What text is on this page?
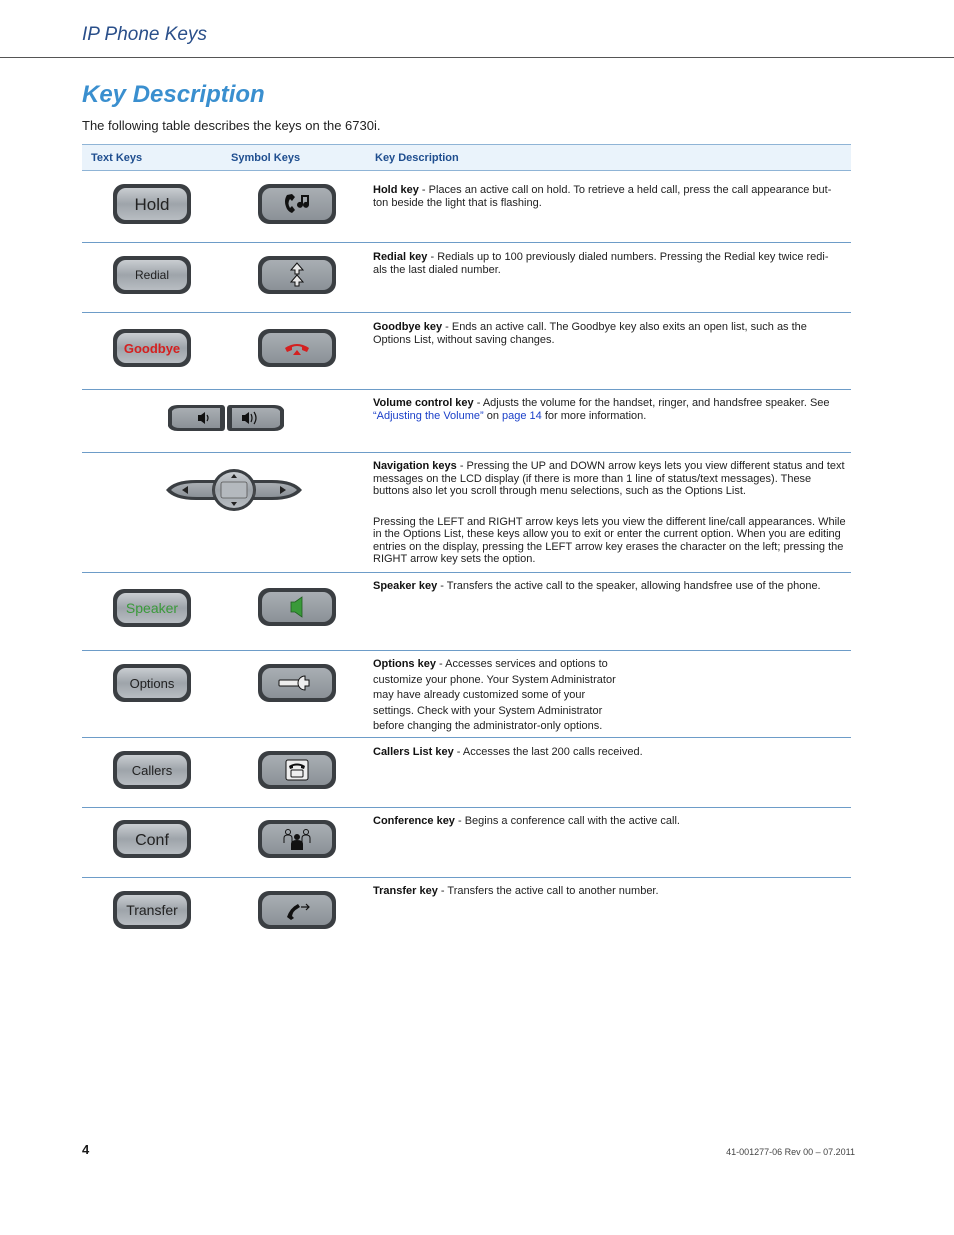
IP Phone Keys
Key Description
The following table describes the keys on the 6730i.
Text Keys	Symbol Keys	Key Description
Hold
Hold key - Places an active call on hold. To retrieve a held call, press the call appearance but-
ton beside the light that is flashing.
Redial
Redial key - Redials up to 100 previously dialed numbers. Pressing the Redial key twice redi-
als the last dialed number.
Goodbye
Goodbye key - Ends an active call. The Goodbye key also exits an open list, such as the
Options List, without saving changes.
Volume control key - Adjusts the volume for the handset, ringer, and handsfree speaker. See
“Adjusting the Volume” on page 14 for more information.
Navigation keys - Pressing the UP and DOWN arrow keys lets you view different status and text messages on the LCD display (if there is more than 1 line of status/text messages). These buttons also let you scroll through menu selections, such as the Options List.
Pressing the LEFT and RIGHT arrow keys lets you view the different line/call appearances. While in the Options List, these keys allow you to exit or enter the current option. When you are editing entries on the display, pressing the LEFT arrow key erases the character on the left; pressing the RIGHT arrow key sets the option.
Speaker
Speaker key - Transfers the active call to the speaker, allowing handsfree use of the phone.
Options
Options key - Accesses services and options to
customize your phone. Your System Administrator
may have already customized some of your
settings. Check with your System Administrator
before changing the administrator-only options.
Callers
Callers List key - Accesses the last 200 calls received.
Conf
Conference key - Begins a conference call with the active call.
Transfer
Transfer key - Transfers the active call to another number.
4	41-001277-06 Rev 00 – 07.2011
